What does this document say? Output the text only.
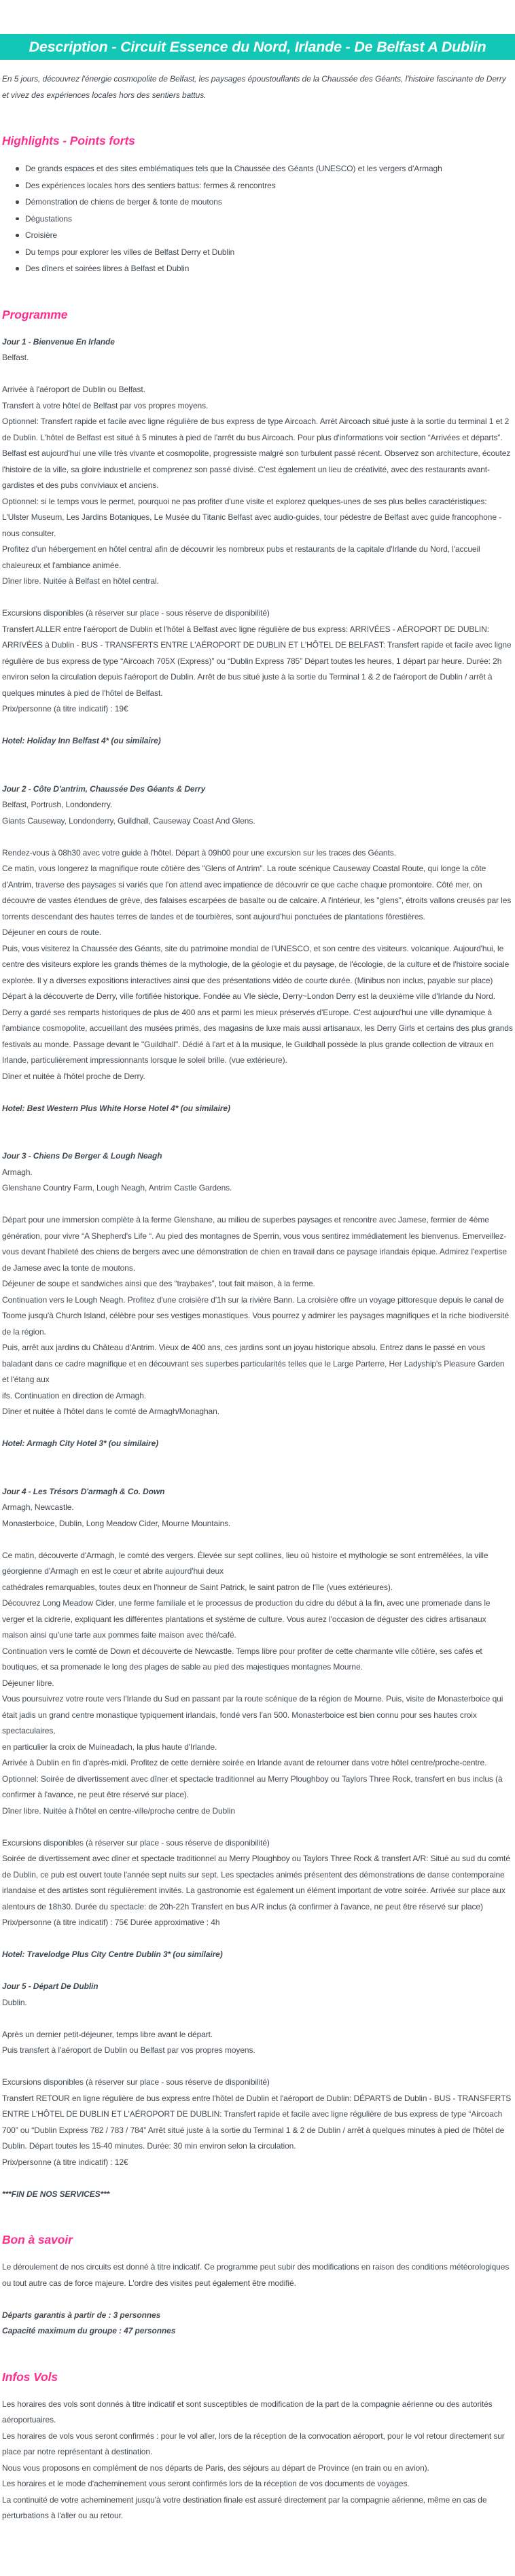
Description - Circuit Essence du Nord, Irlande - De Belfast A Dublin

En 5 jours, découvrez l'énergie cosmopolite de Belfast, les paysages époustouflants de la Chaussée des Géants, l'histoire fascinante de Derry et vivez des expériences locales hors des sentiers battus.

Highlights - Points forts
De grands espaces et des sites emblématiques tels que la Chaussée des Géants (UNESCO) et les vergers d'Armagh
Des expériences locales hors des sentiers battus: fermes & rencontres
Démonstration de chiens de berger & tonte de moutons
Dégustations
Croisière
Du temps pour explorer les villes de Belfast Derry et Dublin
Des dîners et soirées libres à Belfast et Dublin
Programme

Jour 1 - Bienvenue En Irlande

Belfast.

Arrivée à l'aéroport de Dublin ou Belfast.

Transfert à votre hôtel de Belfast par vos propres moyens.

Optionnel: Transfert rapide et facile avec ligne régulière de bus express de type Aircoach. Arrèt Aircoach situé juste à la sortie du terminal 1 et 2 de Dublin. L'hôtel de Belfast est situé à 5 minutes à pied de l'arrêt du bus Aircoach. Pour plus d'informations voir section “Arrivées et départs”.

Belfast est aujourd'hui une ville très vivante et cosmopolite, progressiste malgré son turbulent passé récent. Observez son architecture, écoutez l'histoire de la ville, sa gloire industrielle et comprenez son passé divisé. C'est également un lieu de créativité, avec des restaurants avant-gardistes et des pubs conviviaux et anciens.

Optionnel: si le temps vous le permet, pourquoi ne pas profiter d'une visite et explorez quelques-unes de ses plus belles caractéristiques: L'Ulster Museum, Les Jardins Botaniques, Le Musée du Titanic Belfast avec audio-guides, tour pédestre de Belfast avec guide francophone - nous consulter.

Profitez d'un hébergement en hôtel central afin de découvrir les nombreux pubs et restaurants de la capitale d'Irlande du Nord, l'accueil chaleureux et l'ambiance animée.

Dîner libre. Nuitée à Belfast en hôtel central.

Excursions disponibles (à réserver sur place - sous réserve de disponibilité)

Transfert ALLER entre l'aéroport de Dublin et l'hôtel à Belfast avec ligne régulière de bus express: ARRIVÉES - AÉROPORT DE DUBLIN: ARRIVÉES à Dublin - BUS - TRANSFERTS ENTRE L'AÉROPORT DE DUBLIN ET L'HÔTEL DE BELFAST: Transfert rapide et facile avec ligne régulière de bus express de type “Aircoach 705X (Express)” ou “Dublin Express 785” Départ toutes les heures, 1 départ par heure. Durée: 2h environ selon la circulation depuis l'aéroport de Dublin. Arrêt de bus situé juste à la sortie du Terminal 1 & 2 de l'aéroport de Dublin / arrêt à quelques minutes à pied de l'hôtel de Belfast.

Prix/personne (à titre indicatif) : 19€

Hotel: Holiday Inn Belfast 4* (ou similaire)

Jour 2 - Côte D'antrim, Chaussée Des Géants & Derry

Belfast, Portrush, Londonderry.

Giants Causeway, Londonderry, Guildhall, Causeway Coast And Glens.

Rendez-vous à 08h30 avec votre guide à l'hôtel. Départ à 09h00 pour une excursion sur les traces des Géants.

Ce matin, vous longerez la magnifique route côtière des "Glens of Antrim". La route scénique Causeway Coastal Route, qui longe la côte d'Antrim, traverse des paysages si variés que l'on attend avec impatience de découvrir ce que cache chaque promontoire. Côté mer, on découvre de vastes étendues de grève, des falaises escarpées de basalte ou de calcaire. A l'intérieur, les "glens", étroits vallons creusés par les torrents descendant des hautes terres de landes et de tourbières, sont aujourd'hui ponctuées de plantations fôrestières.

Déjeuner en cours de route.

Puis, vous visiterez la Chaussée des Géants, site du patrimoine mondial de l'UNESCO, et son centre des visiteurs. volcanique. Aujourd'hui, le centre des visiteurs explore les grands thèmes de la mythologie, de la géologie et du paysage, de l'écologie, de la culture et de l'histoire sociale explorée. Il y a diverses expositions interactives ainsi que des présentations vidéo de courte durée. (Minibus non inclus, payable sur place)

Départ à la découverte de Derry, ville fortifiée historique. Fondée au VIe siècle, Derry~London Derry est la deuxième ville d'Irlande du Nord. Derry a gardé ses remparts historiques de plus de 400 ans et parmi les mieux préservés d'Europe. C'est aujourd'hui une ville dynamique à l'ambiance cosmopolite, accueillant des musées primés, des magasins de luxe mais aussi artisanaux, les Derry Girls et certains des plus grands festivals au monde. Passage devant le "Guildhall". Dédié à l'art et à la musique, le Guildhall possède la plus grande collection de vitraux en Irlande, particulièrement impressionnants lorsque le soleil brille. (vue extérieure).

Dîner et nuitée à l'hôtel proche de Derry.

Hotel: Best Western Plus White Horse Hotel 4* (ou similaire)

Jour 3 - Chiens De Berger & Lough Neagh

Armagh.

Glenshane Country Farm, Lough Neagh, Antrim Castle Gardens.

Départ pour une immersion complète à la ferme Glenshane, au milieu de superbes paysages et rencontre avec Jamese, fermier de 4ème génération, pour vivre “A Shepherd's Life “. Au pied des montagnes de Sperrin, vous vous sentirez immédiatement les bienvenus. Emerveillez-vous devant l'habileté des chiens de bergers avec une démonstration de chien en travail dans ce paysage irlandais épique. Admirez l'expertise de Jamese avec la tonte de moutons.

Déjeuner de soupe et sandwiches ainsi que des “traybakes”, tout fait maison, à la ferme.

Continuation vers le Lough Neagh. Profitez d'une croisière d'1h sur la rivière Bann. La croisière offre un voyage pittoresque depuis le canal de Toome jusqu'à Church Island, célèbre pour ses vestiges monastiques. Vous pourrez y admirer les paysages magnifiques et la riche biodiversité de la région.

Puis, arrêt aux jardins du Château d'Antrim. Vieux de 400 ans, ces jardins sont un joyau historique absolu. Entrez dans le passé en vous baladant dans ce cadre magnifique et en découvrant ses superbes particularités telles que le Large Parterre, Her Ladyship's Pleasure Garden et l'étang aux

ifs. Continuation en direction de Armagh.

Dîner et nuitée à l'hôtel dans le comté de Armagh/Monaghan.

Hotel: Armagh City Hotel 3* (ou similaire)

Jour 4 - Les Trésors D'armagh & Co. Down

Armagh, Newcastle.

Monasterboice, Dublin, Long Meadow Cider, Mourne Mountains.

Ce matin, découverte d'Armagh, le comté des vergers. Élevée sur sept collines, lieu où histoire et mythologie se sont entremêlées, la ville géorgienne d'Armagh en est le cœur et abrite aujourd'hui deux

cathédrales remarquables, toutes deux en l'honneur de Saint Patrick, le saint patron de l'île (vues extérieures).

Découvrez Long Meadow Cider, une ferme familiale et le processus de production du cidre du début à la fin, avec une promenade dans le verger et la cidrerie, expliquant les différentes plantations et système de culture. Vous aurez l'occasion de déguster des cidres artisanaux maison ainsi qu'une tarte aux pommes faite maison avec thé/café.

Continuation vers le comté de Down et découverte de Newcastle. Temps libre pour profiter de cette charmante ville côtière, ses cafés et boutiques, et sa promenade le long des plages de sable au pied des majestiques montagnes Mourne.

Déjeuner libre.

Vous poursuivrez votre route vers l'Irlande du Sud en passant par la route scénique de la région de Mourne. Puis, visite de Monasterboice qui était jadis un grand centre monastique typiquement irlandais, fondé vers l'an 500. Monasterboice est bien connu pour ses hautes croix spectaculaires,

en particulier la croix de Muineadach, la plus haute d'Irlande.

Arrivée à Dublin en fin d'après-midi. Profitez de cette dernière soirée en Irlande avant de retourner dans votre hôtel centre/proche-centre.

Optionnel: Soirée de divertissement avec dîner et spectacle traditionnel au Merry Ploughboy ou Taylors Three Rock, transfert en bus inclus (à confirmer à l'avance, ne peut être réservé sur place).

Dîner libre. Nuitée à l'hôtel en centre-ville/proche centre de Dublin

Excursions disponibles (à réserver sur place - sous réserve de disponibilité)

Soirée de divertissement avec dîner et spectacle traditionnel au Merry Ploughboy ou Taylors Three Rock & transfert A/R: Situé au sud du comté de Dublin, ce pub est ouvert toute l'année sept nuits sur sept. Les spectacles animés présentent des démonstrations de danse contemporaine irlandaise et des artistes sont régulièrement invités. La gastronomie est également un élément important de votre soirée. Arrivée sur place aux alentours de 18h30. Durée du spectacle: de 20h-22h Transfert en bus A/R inclus (à confirmer à l'avance, ne peut être réservé sur place)

Prix/personne (à titre indicatif) : 75€ Durée approximative : 4h

Hotel: Travelodge Plus City Centre Dublin 3* (ou similaire)

Jour 5 - Départ De Dublin

Dublin.

Après un dernier petit-déjeuner, temps libre avant le départ.

Puis transfert à l'aéroport de Dublin ou Belfast par vos propres moyens.

Excursions disponibles (à réserver sur place - sous réserve de disponibilité)

Transfert RETOUR en ligne régulière de bus express entre l'hôtel de Dublin et l'aéroport de Dublin: DÉPARTS de Dublin - BUS - TRANSFERTS ENTRE L'HÔTEL DE DUBLIN ET L'AÉROPORT DE DUBLIN: Transfert rapide et facile avec ligne régulière de bus express de type “Aircoach 700” ou “Dublin Express 782 / 783 / 784” Arrêt situé juste à la sortie du Terminal 1 & 2 de Dublin / arrêt à quelques minutes à pied de l'hôtel de Dublin. Départ toutes les 15-40 minutes. Durée: 30 min environ selon la circulation.

Prix/personne (à titre indicatif) : 12€

***FIN DE NOS SERVICES***

Bon à savoir

Le déroulement de nos circuits est donné à titre indicatif. Ce programme peut subir des modifications en raison des conditions météorologiques ou tout autre cas de force majeure. L'ordre des visites peut également être modifié.

Départs garantis à partir de : 3 personnes

Capacité maximum du groupe : 47 personnes

Infos Vols

Les horaires des vols sont donnés à titre indicatif et sont susceptibles de modification de la part de la compagnie aérienne ou des autorités aéroportuaires.

Les horaires de vols vous seront confirmés : pour le vol aller, lors de la réception de la convocation aéroport, pour le vol retour directement sur place par notre représentant à destination.

Nous vous proposons en complément de nos départs de Paris, des séjours au départ de Province (en train ou en avion).

Les horaires et le mode d'acheminement vous seront confirmés lors de la réception de vos documents de voyages.

La continuité de votre acheminement jusqu'à votre destination finale est assuré directement par la compagnie aérienne, même en cas de perturbations à l'aller ou au retour.
